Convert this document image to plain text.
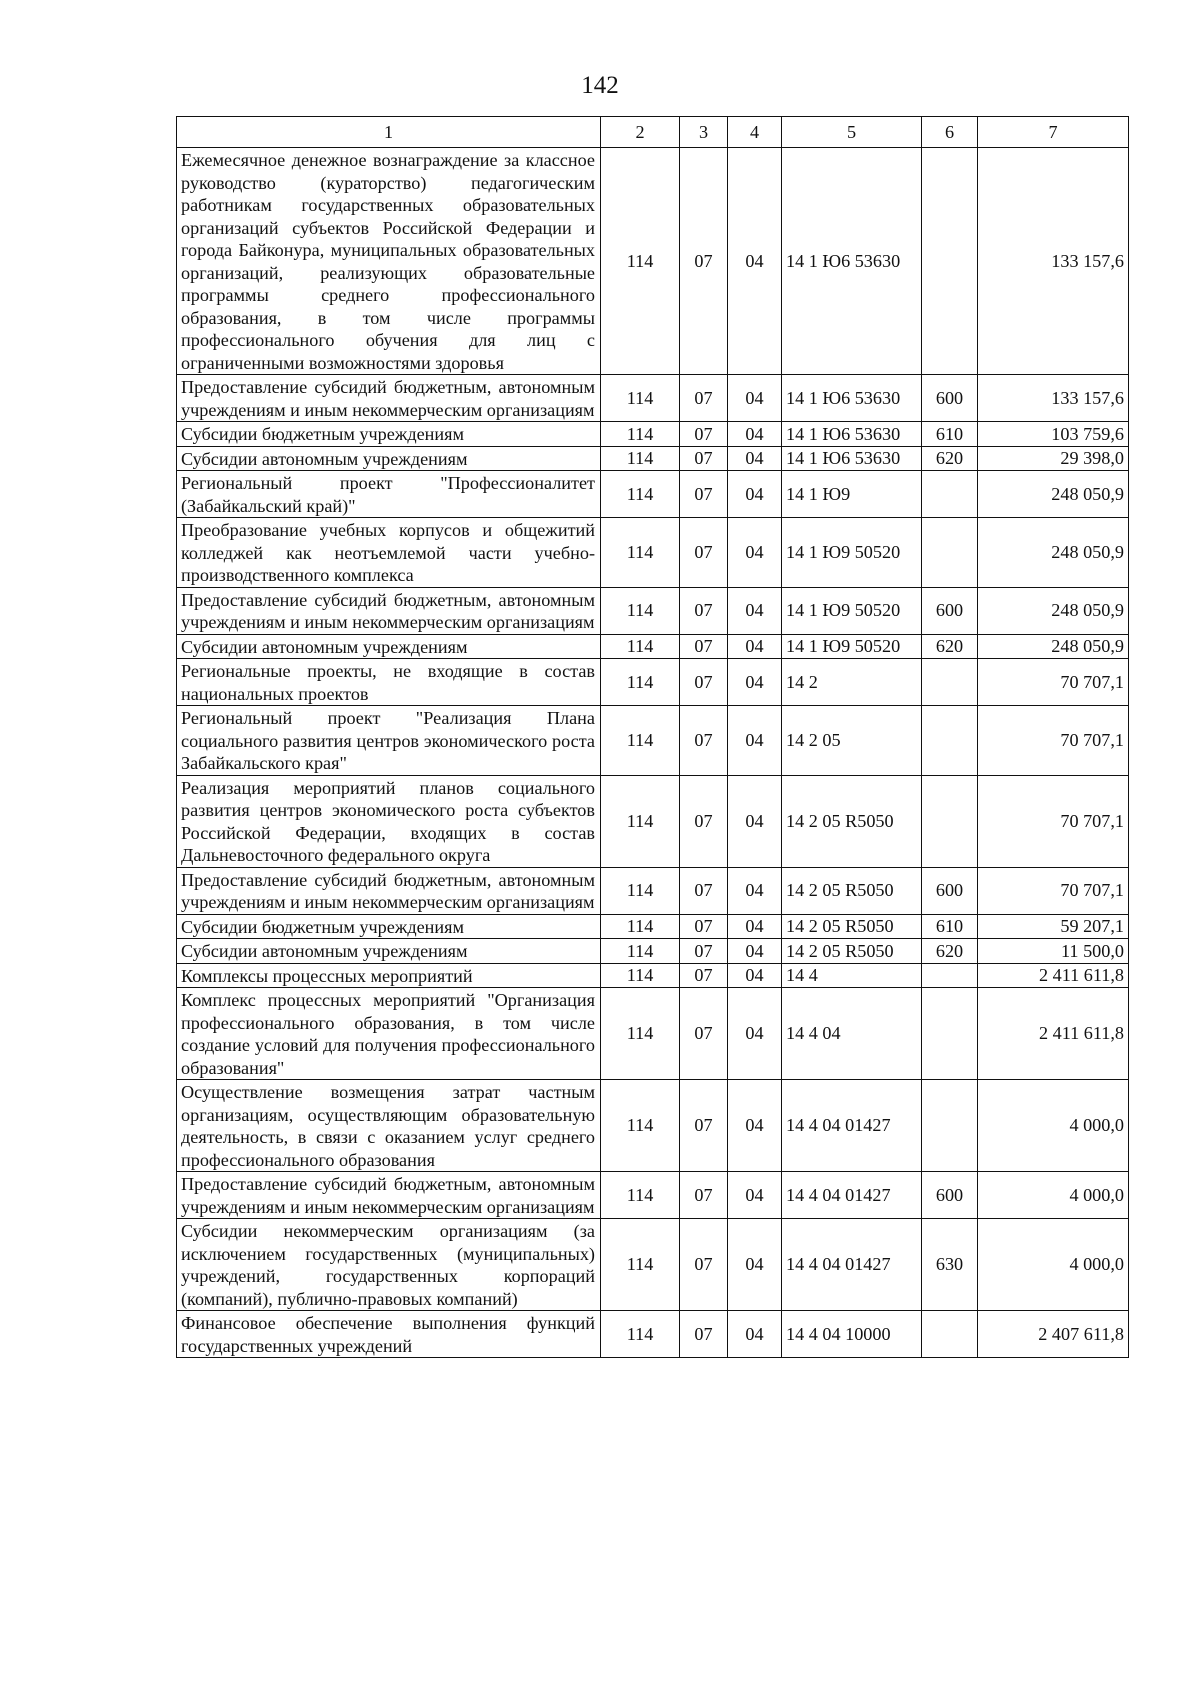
142
1	2	3	4	5	6	7
Ежемесячное денежное вознаграждение за классное руководство (кураторство) педагогическим работникам государственных образовательных организаций субъектов Российской Федерации и города Байконура, муниципальных образовательных организаций, реализующих образовательные программы среднего профессионального образования, в том числе программы профессионального обучения для лиц с ограниченными возможностями здоровья	114	07	04	14 1 Ю6 53630		133 157,6
Предоставление субсидий бюджетным, автономным учреждениям и иным некоммерческим организациям	114	07	04	14 1 Ю6 53630	600	133 157,6
Субсидии бюджетным учреждениям	114	07	04	14 1 Ю6 53630	610	103 759,6
Субсидии автономным учреждениям	114	07	04	14 1 Ю6 53630	620	29 398,0
Региональный проект "Профессионалитет (Забайкальский край)"	114	07	04	14 1 Ю9		248 050,9
Преобразование учебных корпусов и общежитий колледжей как неотъемлемой части учебно-производственного комплекса	114	07	04	14 1 Ю9 50520		248 050,9
Предоставление субсидий бюджетным, автономным учреждениям и иным некоммерческим организациям	114	07	04	14 1 Ю9 50520	600	248 050,9
Субсидии автономным учреждениям	114	07	04	14 1 Ю9 50520	620	248 050,9
Региональные проекты, не входящие в состав национальных проектов	114	07	04	14 2		70 707,1
Региональный проект "Реализация Плана социального развития центров экономического роста Забайкальского края"	114	07	04	14 2 05		70 707,1
Реализация мероприятий планов социального развития центров экономического роста субъектов Российской Федерации, входящих в состав Дальневосточного федерального округа	114	07	04	14 2 05 R5050		70 707,1
Предоставление субсидий бюджетным, автономным учреждениям и иным некоммерческим организациям	114	07	04	14 2 05 R5050	600	70 707,1
Субсидии бюджетным учреждениям	114	07	04	14 2 05 R5050	610	59 207,1
Субсидии автономным учреждениям	114	07	04	14 2 05 R5050	620	11 500,0
Комплексы процессных мероприятий	114	07	04	14 4		2 411 611,8
Комплекс процессных мероприятий "Организация профессионального образования, в том числе создание условий для получения профессионального образования"	114	07	04	14 4 04		2 411 611,8
Осуществление возмещения затрат частным организациям, осуществляющим образовательную деятельность, в связи с оказанием услуг среднего профессионального образования	114	07	04	14 4 04 01427		4 000,0
Предоставление субсидий бюджетным, автономным учреждениям и иным некоммерческим организациям	114	07	04	14 4 04 01427	600	4 000,0
Субсидии некоммерческим организациям (за исключением государственных (муниципальных) учреждений, государственных корпораций (компаний), публично-правовых компаний)	114	07	04	14 4 04 01427	630	4 000,0
Финансовое обеспечение выполнения функций государственных учреждений	114	07	04	14 4 04 10000		2 407 611,8
